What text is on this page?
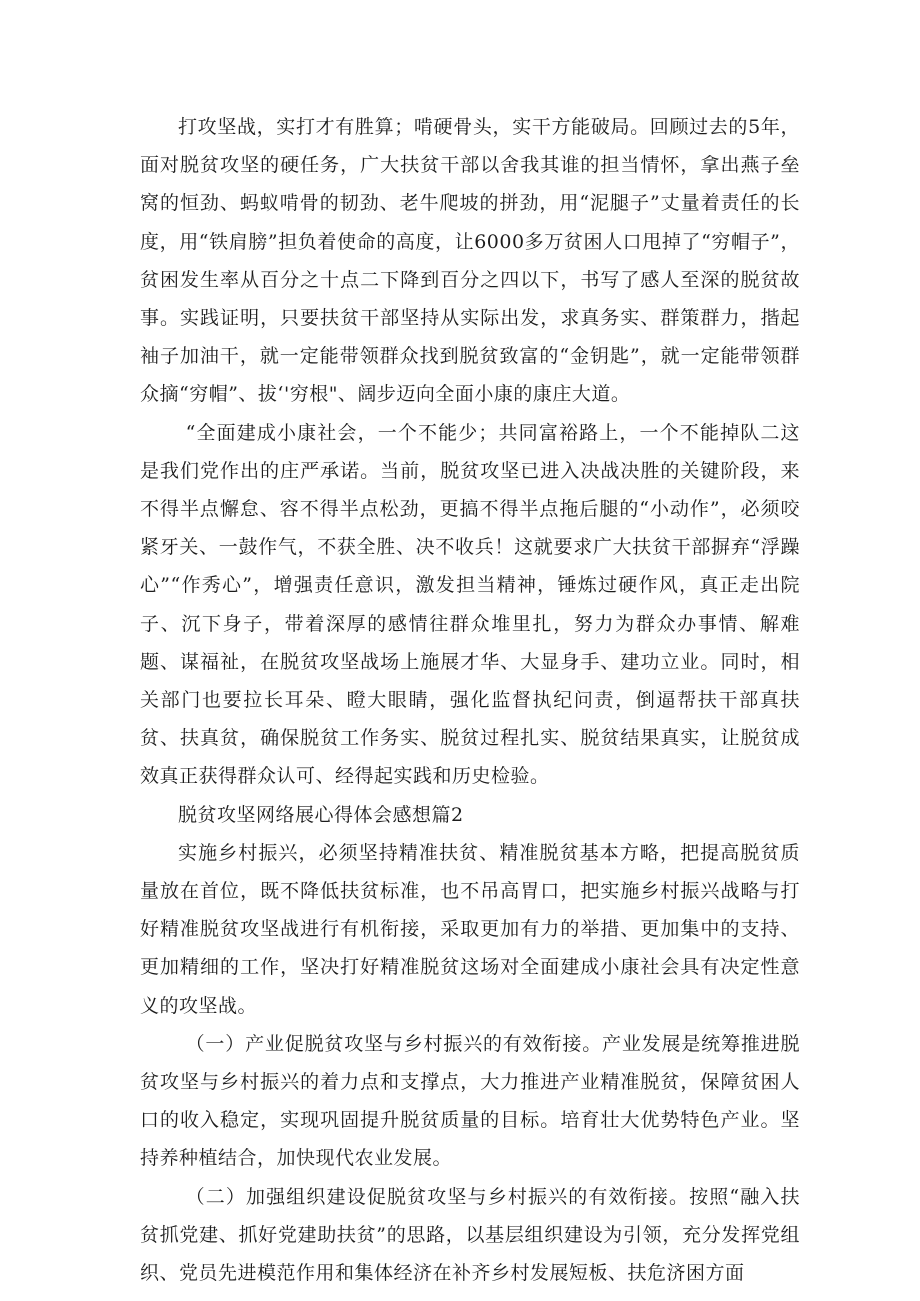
打攻坚战，实打才有胜算；啃硬骨头，实干方能破局。回顾过去的5年，面对脱贫攻坚的硬任务，广大扶贫干部以舍我其谁的担当情怀，拿出燕子垒窝的恒劲、蚂蚁啃骨的韧劲、老牛爬坡的拼劲，用“泥腿子”丈量着责任的长度，用“铁肩膀”担负着使命的高度，让6000多万贫困人口甩掉了“穷帽子”，贫困发生率从百分之十点二下降到百分之四以下，书写了感人至深的脱贫故事。实践证明，只要扶贫干部坚持从实际出发，求真务实、群策群力，揩起袖子加油干，就一定能带领群众找到脱贫致富的“金钥匙”，就一定能带领群众摘“穷帽”、拔‘'穷根"、阔步迈向全面小康的康庄大道。

“全面建成小康社会，一个不能少；共同富裕路上，一个不能掉队二这是我们党作出的庄严承诺。当前，脱贫攻坚已进入决战决胜的关键阶段，来不得半点懈怠、容不得半点松劲，更搞不得半点拖后腿的“小动作”，必须咬紧牙关、一鼓作气，不获全胜、决不收兵！这就要求广大扶贫干部摒弃“浮躁心”“作秀心”，增强责任意识，激发担当精神，锤炼过硬作风，真正走出院子、沉下身子，带着深厚的感情往群众堆里扎，努力为群众办事情、解难题、谋福祉，在脱贫攻坚战场上施展才华、大显身手、建功立业。同时，相关部门也要拉长耳朵、瞪大眼睛，强化监督执纪问责，倒逼帮扶干部真扶贫、扶真贫，确保脱贫工作务实、脱贫过程扎实、脱贫结果真实，让脱贫成效真正获得群众认可、经得起实践和历史检验。

脱贫攻坚网络展心得体会感想篇2

实施乡村振兴，必须坚持精准扶贫、精准脱贫基本方略，把提高脱贫质量放在首位，既不降低扶贫标准，也不吊高胃口，把实施乡村振兴战略与打好精准脱贫攻坚战进行有机衔接，采取更加有力的举措、更加集中的支持、更加精细的工作，坚决打好精准脱贫这场对全面建成小康社会具有决定性意义的攻坚战。

（一）产业促脱贫攻坚与乡村振兴的有效衔接。产业发展是统筹推进脱贫攻坚与乡村振兴的着力点和支撑点，大力推进产业精准脱贫，保障贫困人口的收入稳定，实现巩固提升脱贫质量的目标。培育壮大优势特色产业。坚持养种植结合，加快现代农业发展。

（二）加强组织建设促脱贫攻坚与乡村振兴的有效衔接。按照“融入扶贫抓党建、抓好党建助扶贫”的思路，以基层组织建设为引领，充分发挥党组织、党员先进模范作用和集体经济在补齐乡村发展短板、扶危济困方面
